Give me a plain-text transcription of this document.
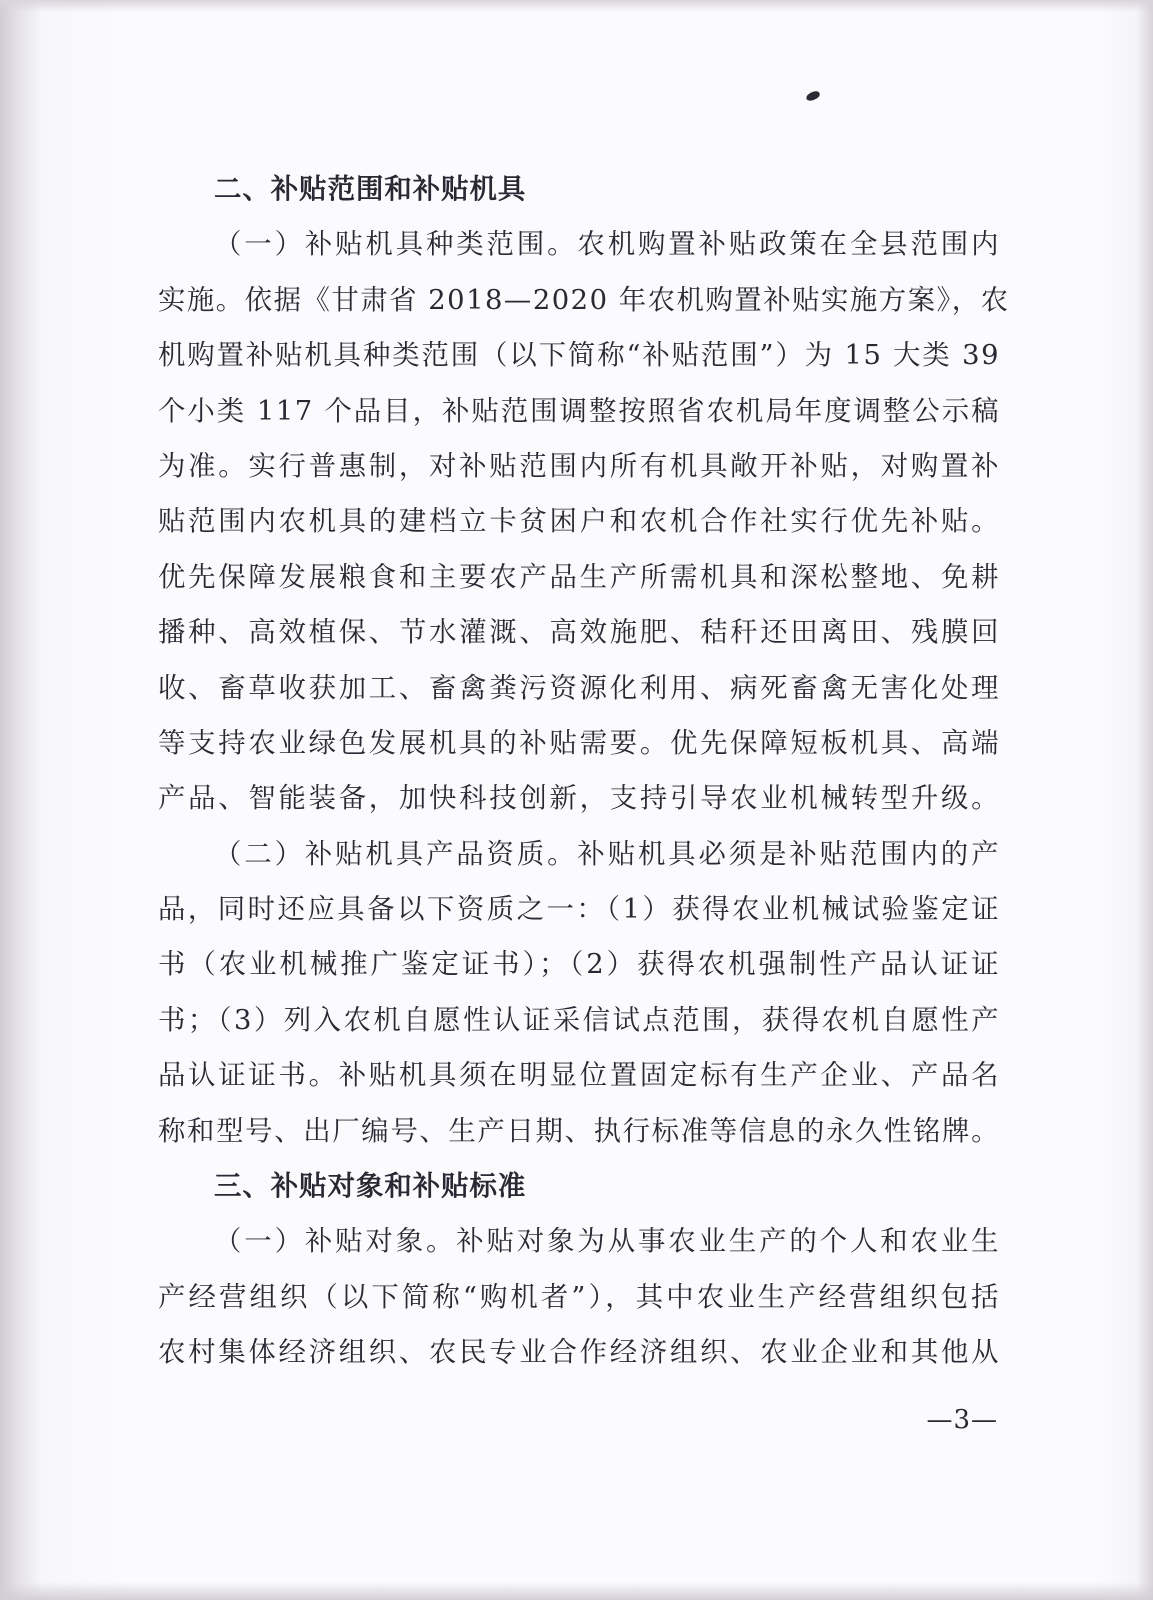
二、补贴范围和补贴机具
（一）补贴机具种类范围。农机购置补贴政策在全县范围内
实施。依据《甘肃省 2018—2020 年农机购置补贴实施方案》，农
机购置补贴机具种类范围（以下简称“补贴范围”）为 15 大类 39
个小类 117 个品目，补贴范围调整按照省农机局年度调整公示稿
为准。实行普惠制，对补贴范围内所有机具敞开补贴，对购置补
贴范围内农机具的建档立卡贫困户和农机合作社实行优先补贴。
优先保障发展粮食和主要农产品生产所需机具和深松整地、免耕
播种、高效植保、节水灌溉、高效施肥、秸秆还田离田、残膜回
收、畜草收获加工、畜禽粪污资源化利用、病死畜禽无害化处理
等支持农业绿色发展机具的补贴需要。优先保障短板机具、高端
产品、智能装备，加快科技创新，支持引导农业机械转型升级。
（二）补贴机具产品资质。补贴机具必须是补贴范围内的产
品，同时还应具备以下资质之一：（1）获得农业机械试验鉴定证
书（农业机械推广鉴定证书）；（2）获得农机强制性产品认证证
书；（3）列入农机自愿性认证采信试点范围，获得农机自愿性产
品认证证书。补贴机具须在明显位置固定标有生产企业、产品名
称和型号、出厂编号、生产日期、执行标准等信息的永久性铭牌。
三、补贴对象和补贴标准
（一）补贴对象。补贴对象为从事农业生产的个人和农业生
产经营组织（以下简称“购机者”），其中农业生产经营组织包括
农村集体经济组织、农民专业合作经济组织、农业企业和其他从
—3—
